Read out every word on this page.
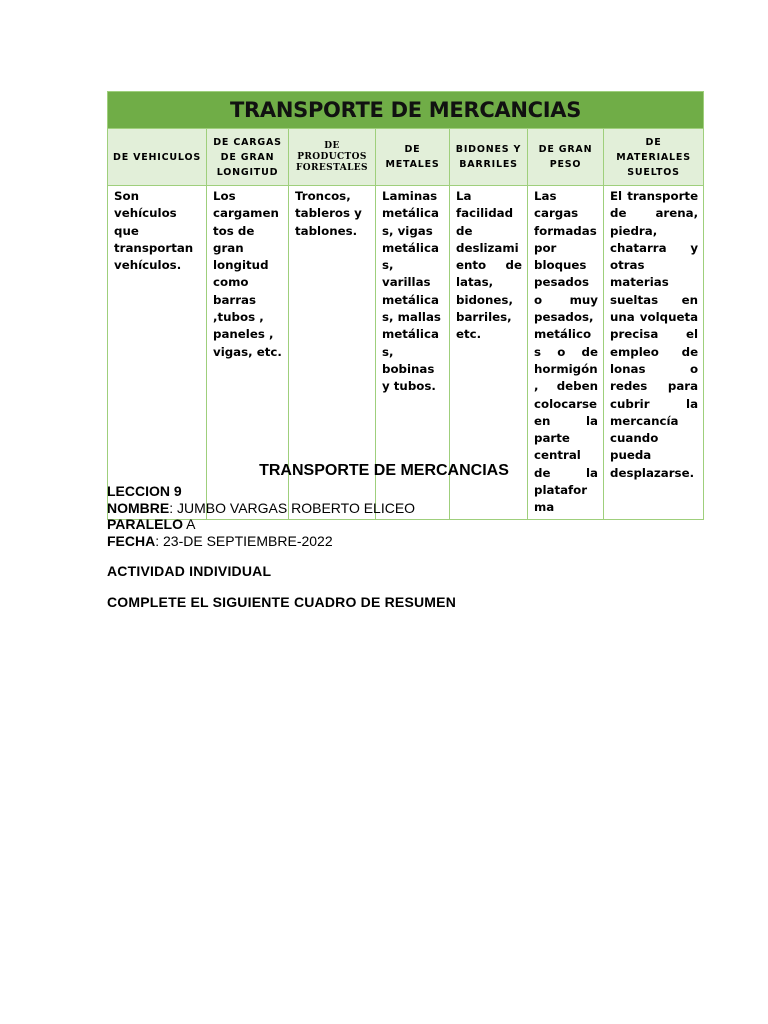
TRANSPORTE DE MERCANCIAS						
DE VEHICULOS	DE CARGAS DE GRAN LONGITUD	DE PRODUCTOS FORESTALES	DE METALES	BIDONES Y BARRILES	DE GRAN PESO	DE MATERIALES SUELTOS

Son vehículos que transportan vehículos.	Los cargamentos de gran longitud como barras ,tubos , paneles , vigas, etc.	Troncos, tableros y tablones.	Laminas metálicas, vigas metálicas, varillas metálicas, mallas metálicas, bobinas y tubos.	La facilidad de deslizamiento de latas, bidones, barriles, etc.	Las cargas formadas por bloques pesados o muy pesados, metálicos o de hormigón, deben colocarse en la parte central de la plataforma	El transporte de arena, piedra, chatarra y otras materias sueltas en una volqueta precisa el empleo de lonas o redes para cubrir la mercancía cuando pueda desplazarse.
TRANSPORTE DE MERCANCIAS
LECCION 9
NOMBRE: JUMBO VARGAS ROBERTO ELICEO
PARALELO A
FECHA: 23-DE SEPTIEMBRE-2022
ACTIVIDAD INDIVIDUAL
COMPLETE EL SIGUIENTE CUADRO DE RESUMEN
